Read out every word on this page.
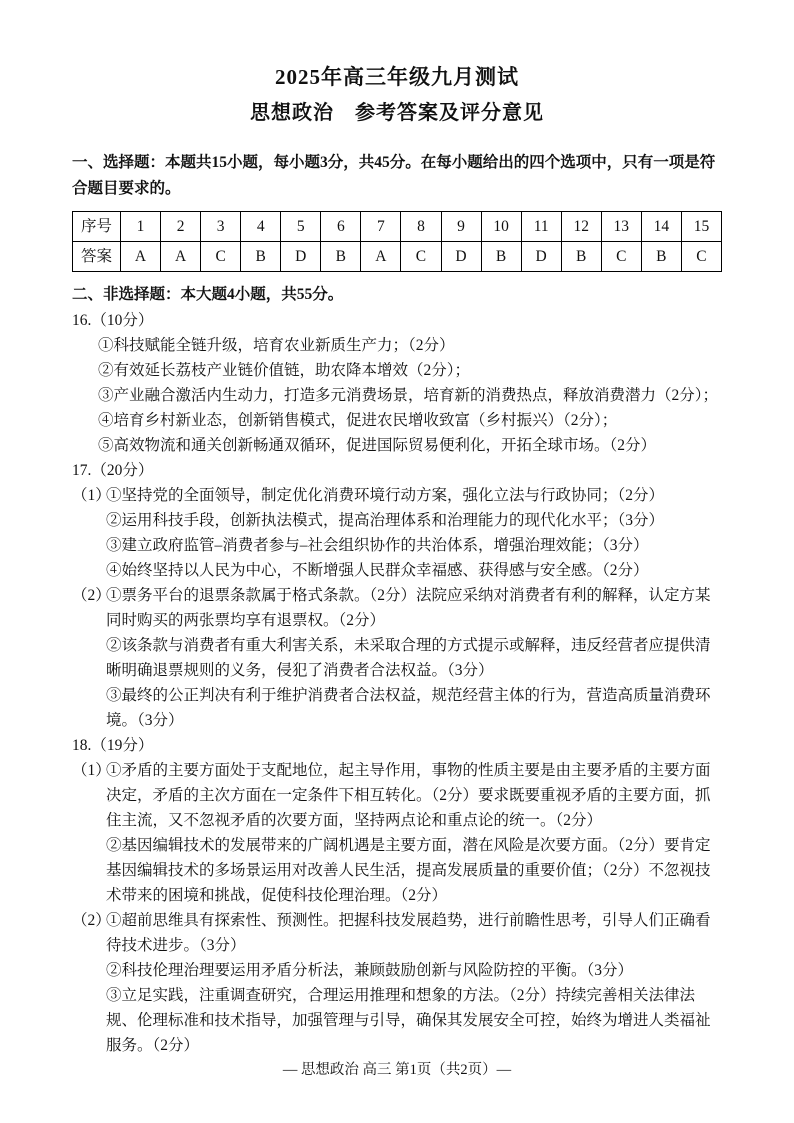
2025年高三年级九月测试
思想政治　参考答案及评分意见
一、选择题：本题共15小题，每小题3分，共45分。在每小题给出的四个选项中，只有一项是符合题目要求的。
序号	1	2	3	4	5	6	7	8	9	10	11	12	13	14	15
答案	A	A	C	B	D	B	A	C	D	B	D	B	C	B	C
二、非选择题：本大题4小题，共55分。
16.（10分）
①科技赋能全链升级，培育农业新质生产力；（2分）
②有效延长荔枝产业链价值链，助农降本增效（2分）；
③产业融合激活内生动力，打造多元消费场景，培育新的消费热点，释放消费潜力（2分）；
④培育乡村新业态，创新销售模式，促进农民增收致富（乡村振兴）（2分）；
⑤高效物流和通关创新畅通双循环，促进国际贸易便利化，开拓全球市场。（2分）
17.（20分）
（1）①坚持党的全面领导，制定优化消费环境行动方案，强化立法与行政协同；（2分）
②运用科技手段，创新执法模式，提高治理体系和治理能力的现代化水平；（3分）
③建立政府监管–消费者参与–社会组织协作的共治体系，增强治理效能；（3分）
④始终坚持以人民为中心，不断增强人民群众幸福感、获得感与安全感。（2分）
（2）①票务平台的退票条款属于格式条款。（2分）法院应采纳对消费者有利的解释，认定方某同时购买的两张票均享有退票权。（2分）
②该条款与消费者有重大利害关系，未采取合理的方式提示或解释，违反经营者应提供清晰明确退票规则的义务，侵犯了消费者合法权益。（3分）
③最终的公正判决有利于维护消费者合法权益，规范经营主体的行为，营造高质量消费环境。（3分）
18.（19分）
（1）①矛盾的主要方面处于支配地位，起主导作用，事物的性质主要是由主要矛盾的主要方面决定，矛盾的主次方面在一定条件下相互转化。（2分）要求既要重视矛盾的主要方面，抓住主流，又不忽视矛盾的次要方面，坚持两点论和重点论的统一。（2分）
②基因编辑技术的发展带来的广阔机遇是主要方面，潜在风险是次要方面。（2分）要肯定基因编辑技术的多场景运用对改善人民生活，提高发展质量的重要价值；（2分）不忽视技术带来的困境和挑战，促使科技伦理治理。（2分）
（2）①超前思维具有探索性、预测性。把握科技发展趋势，进行前瞻性思考，引导人们正确看待技术进步。（3分）
②科技伦理治理要运用矛盾分析法，兼顾鼓励创新与风险防控的平衡。（3分）
③立足实践，注重调查研究，合理运用推理和想象的方法。（2分）持续完善相关法律法规、伦理标准和技术指导，加强管理与引导，确保其发展安全可控，始终为增进人类福祉服务。（2分）
— 思想政治 高三 第1页（共2页）—
